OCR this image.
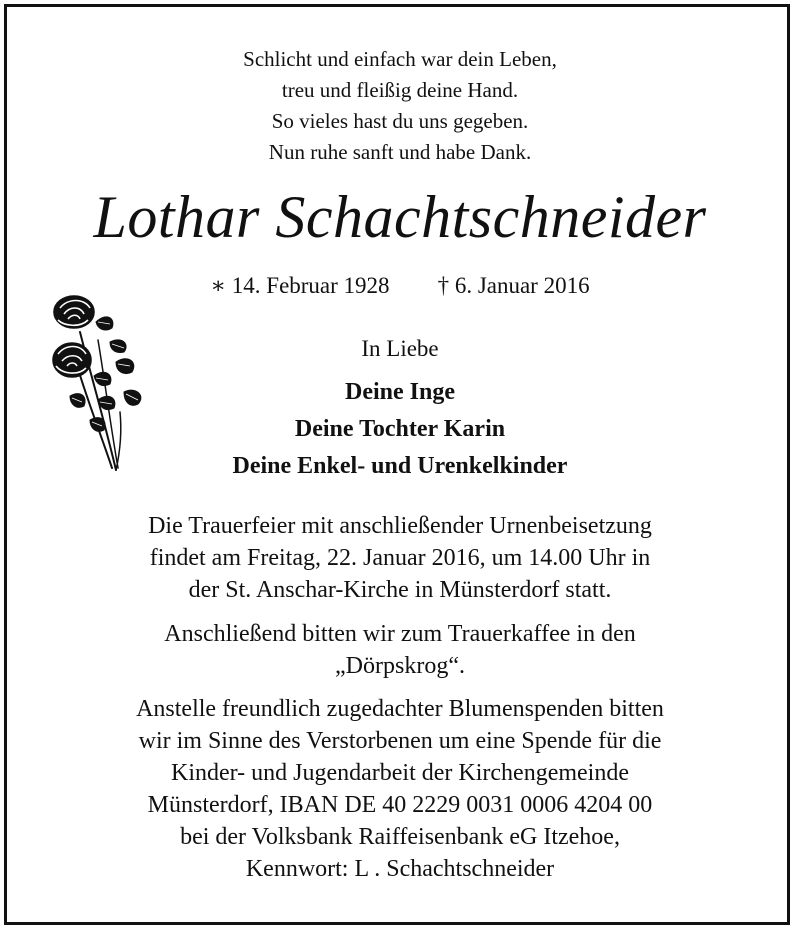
Schlicht und einfach war dein Leben,
treu und fleißig deine Hand.
So vieles hast du uns gegeben.
Nun ruhe sanft und habe Dank.
Lothar Schachtschneider
∗ 14. Februar 1928 † 6. Januar 2016
In Liebe
Deine Inge
Deine Tochter Karin
Deine Enkel- und Urenkelkinder
Die Trauerfeier mit anschließender Urnenbeisetzung
findet am Freitag, 22. Januar 2016, um 14.00 Uhr in
der St. Anschar-Kirche in Münsterdorf statt.
Anschließend bitten wir zum Trauerkaffee in den
„Dörpskrog“.
Anstelle freundlich zugedachter Blumenspenden bitten
wir im Sinne des Verstorbenen um eine Spende für die
Kinder- und Jugendarbeit der Kirchengemeinde
Münsterdorf, IBAN DE 40 2229 0031 0006 4204 00
bei der Volksbank Raiffeisenbank eG Itzehoe,
Kennwort: L . Schachtschneider
